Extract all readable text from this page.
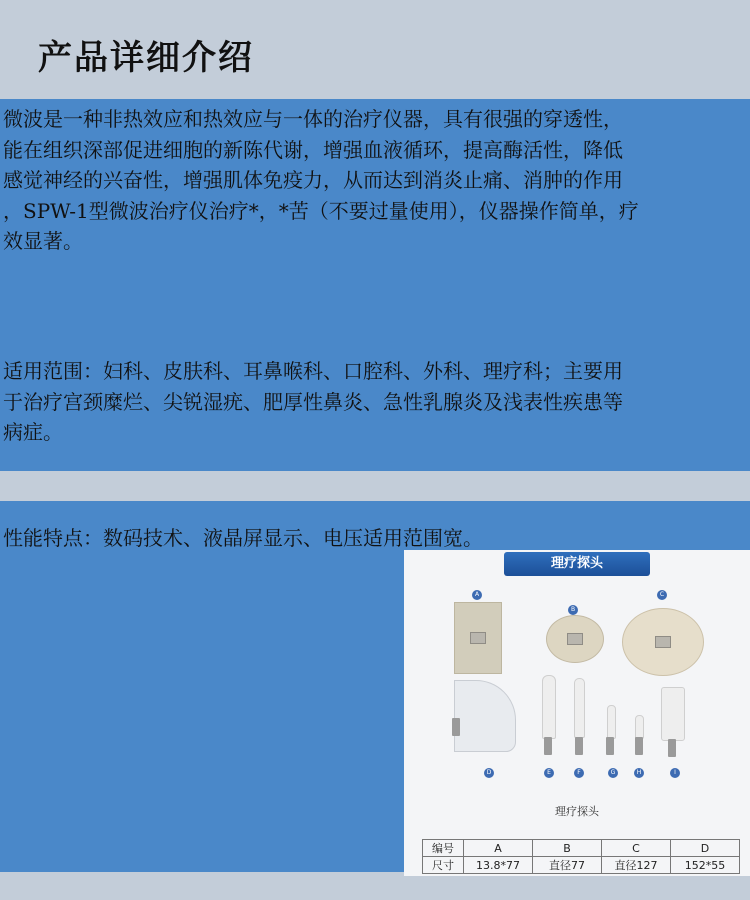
产品详细介绍
微波是一种非热效应和热效应与一体的治疗仪器，具有很强的穿透性，
能在组织深部促进细胞的新陈代谢，增强血液循环，提高酶活性，降低
感觉神经的兴奋性，增强肌体免疫力，从而达到消炎止痛、消肿的作用
，SPW-1型微波治疗仪治疗*，*苦（不要过量使用），仪器操作简单，疗
效显著。
适用范围：妇科、皮肤科、耳鼻喉科、口腔科、外科、理疗科；主要用
于治疗宫颈糜烂、尖锐湿疣、肥厚性鼻炎、急性乳腺炎及浅表性疾患等
病症。
性能特点：数码技术、液晶屏显示、电压适用范围宽。
理疗探头
A
B
C
D	E	F	G	H	I
理疗探头
编号	A	B	C	D
尺寸	13.8*77	直径77	直径127	152*55
